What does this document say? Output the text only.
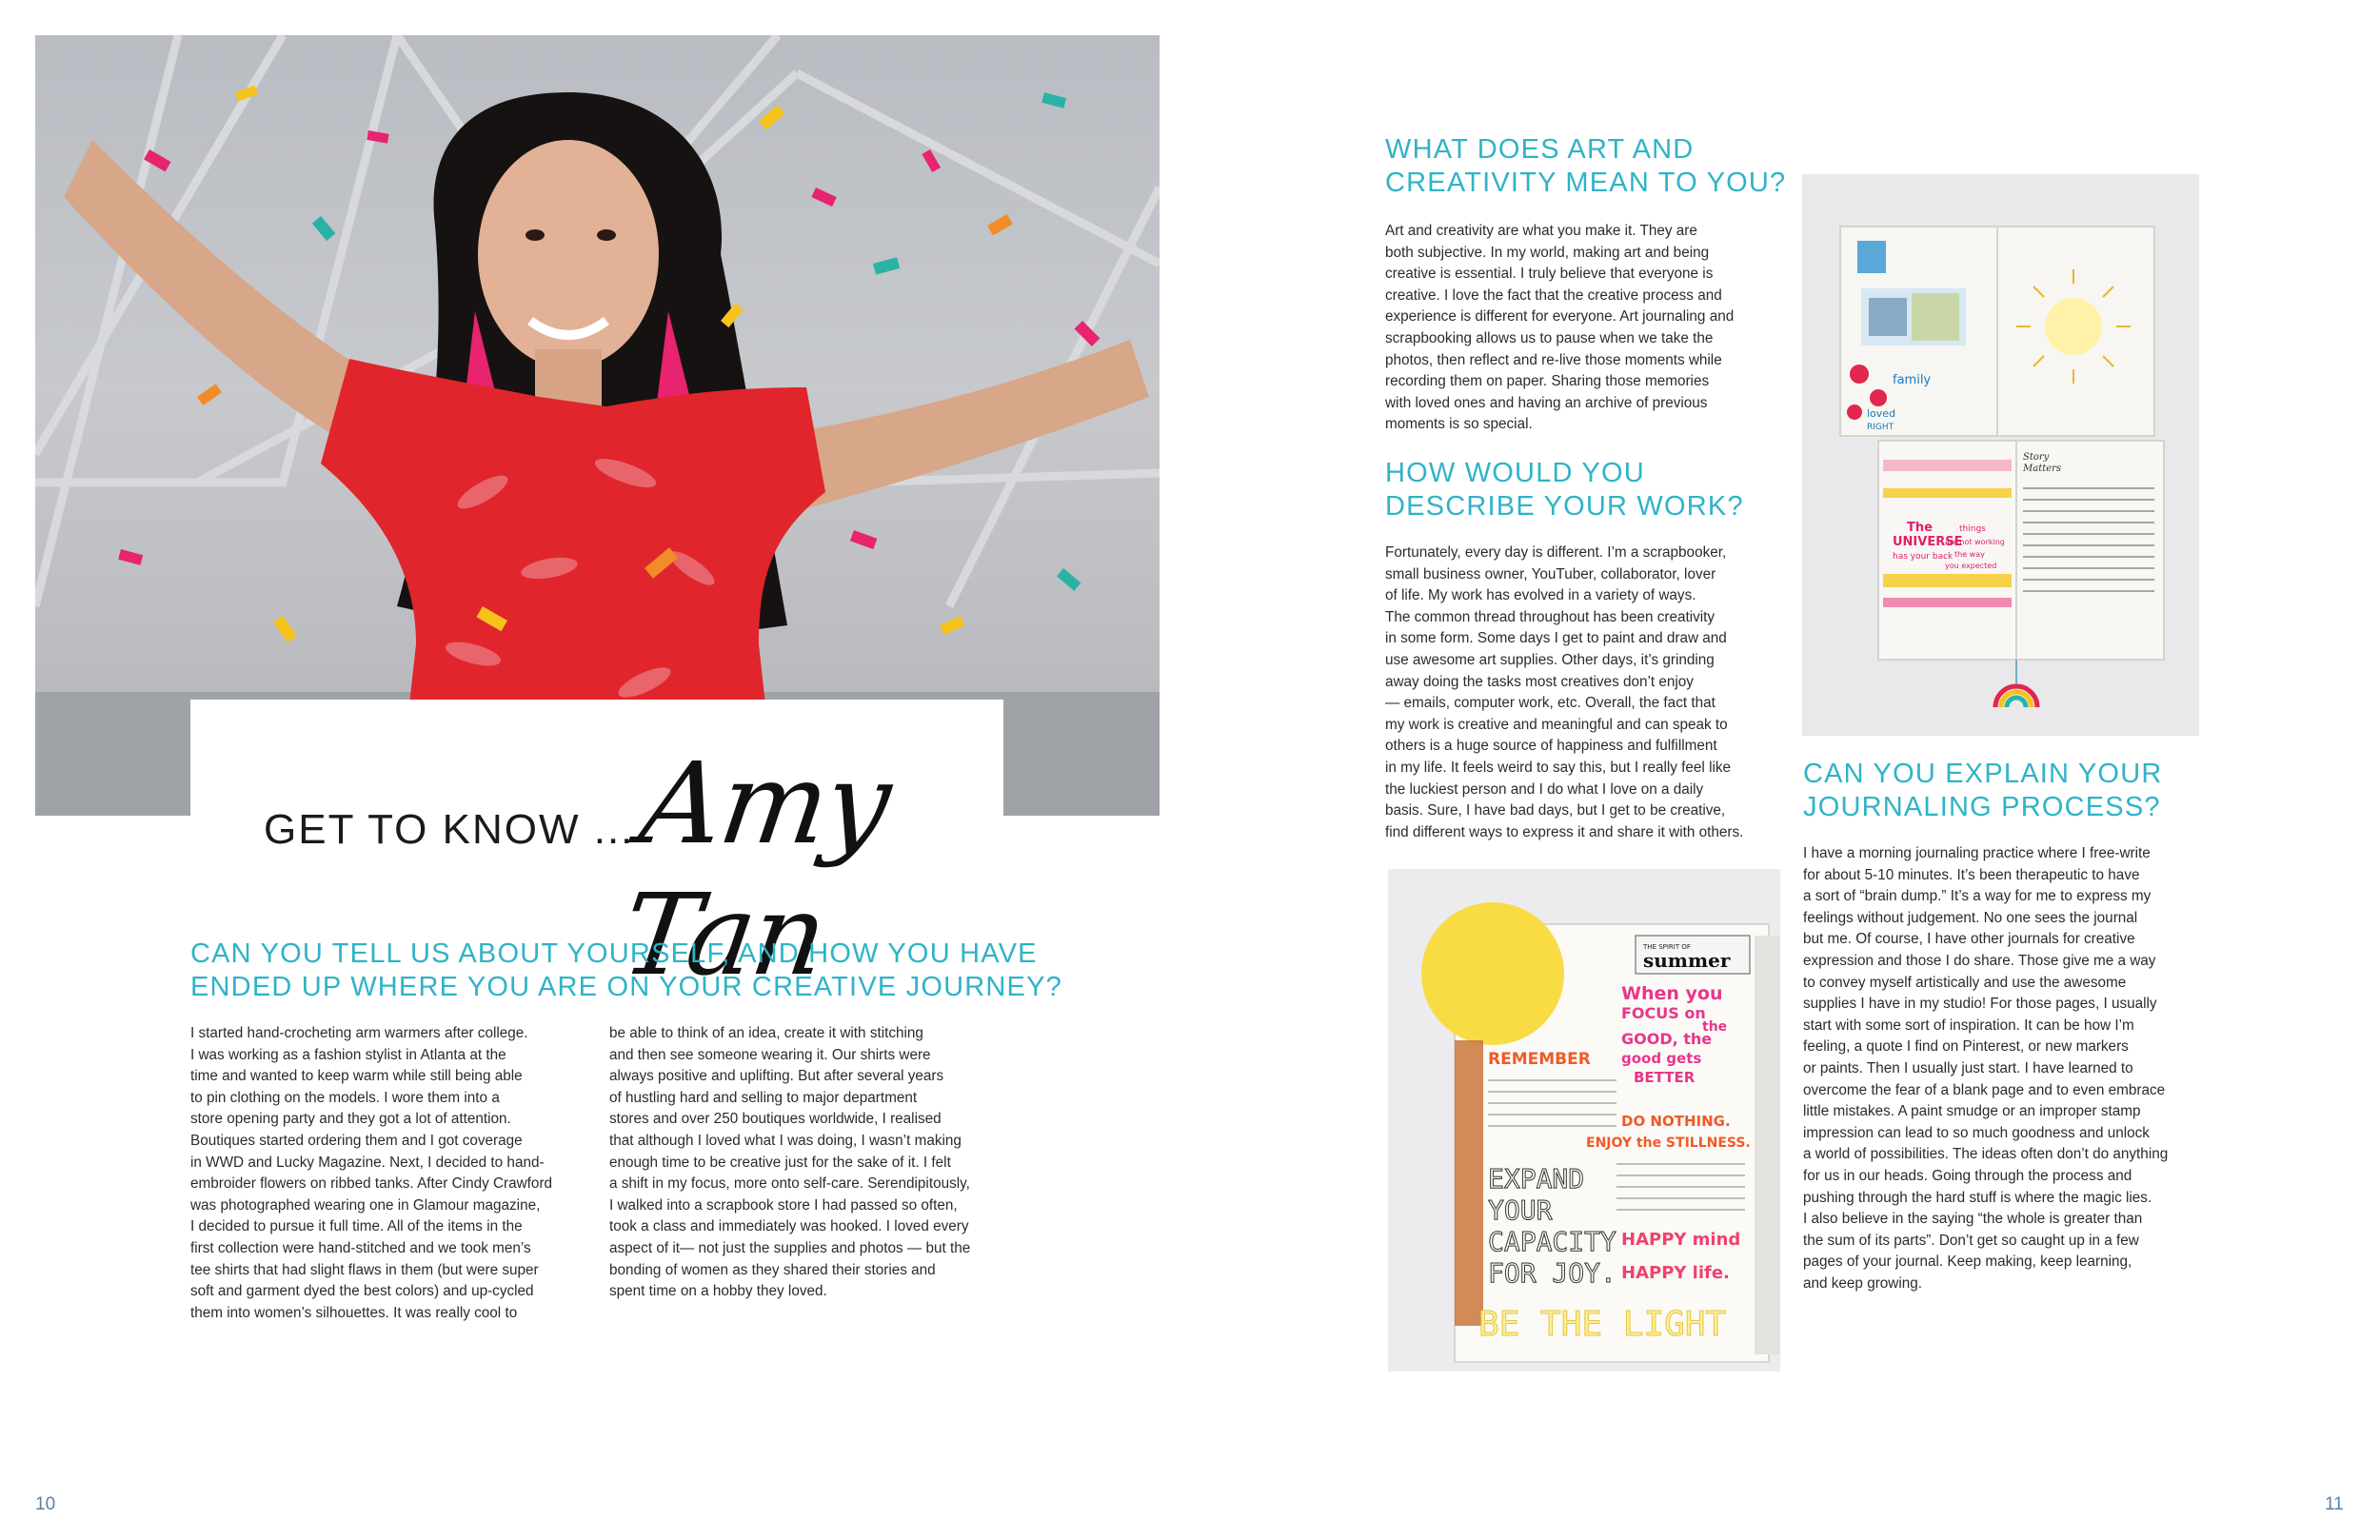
GET TO KNOW ...
Amy Tan
CAN YOU TELL US ABOUT YOURSELF, AND HOW YOU HAVE
ENDED UP WHERE YOU ARE ON YOUR CREATIVE JOURNEY?
I started hand-crocheting arm warmers after college.
I was working as a fashion stylist in Atlanta at the
time and wanted to keep warm while still being able
to pin clothing on the models. I wore them into a
store opening party and they got a lot of attention.
Boutiques started ordering them and I got coverage
in WWD and Lucky Magazine. Next, I decided to hand-
embroider flowers on ribbed tanks. After Cindy Crawford
was photographed wearing one in Glamour magazine,
I decided to pursue it full time. All of the items in the
first collection were hand-stitched and we took men’s
tee shirts that had slight flaws in them (but were super
soft and garment dyed the best colors) and up-cycled
them into women’s silhouettes. It was really cool to
be able to think of an idea, create it with stitching
and then see someone wearing it. Our shirts were
always positive and uplifting. But after several years
of hustling hard and selling to major department
stores and over 250 boutiques worldwide, I realised
that although I loved what I was doing, I wasn’t making
enough time to be creative just for the sake of it. I felt
a shift in my focus, more onto self-care. Serendipitously,
I walked into a scrapbook store I had passed so often,
took a class and immediately was hooked. I loved every
aspect of it— not just the supplies and photos — but the
bonding of women as they shared their stories and
spent time on a hobby they loved.
10
WHAT DOES ART AND
CREATIVITY MEAN TO YOU?
Art and creativity are what you make it. They are
both subjective. In my world, making art and being
creative is essential. I truly believe that everyone is
creative. I love the fact that the creative process and
experience is different for everyone. Art journaling and
scrapbooking allows us to pause when we take the
photos, then reflect and re-live those moments while
recording them on paper. Sharing those memories
with loved ones and having an archive of previous
moments is so special.
HOW WOULD YOU
DESCRIBE YOUR WORK?
Fortunately, every day is different. I’m a scrapbooker,
small business owner, YouTuber, collaborator, lover
of life. My work has evolved in a variety of ways.
The common thread throughout has been creativity
in some form. Some days I get to paint and draw and
use awesome art supplies. Other days, it’s grinding
away doing the tasks most creatives don’t enjoy
— emails, computer work, etc. Overall, the fact that
my work is creative and meaningful and can speak to
others is a huge source of happiness and fulfillment
in my life. It feels weird to say this, but I really feel like
the luckiest person and I do what I love on a daily
basis. Sure, I have bad days, but I get to be creative,
find different ways to express it and share it with others.
family
loved
RIGHT
The
UNIVERSE
has your back
things
are not working
the way
you expected
Story
Matters
THE SPIRIT OF
summer
When you
FOCUS on
the
GOOD, the
good gets
BETTER
REMEMBER
DO NOTHING.
ENJOY the STILLNESS.
EXPAND
YOUR
CAPACITY
FOR JOY.
HAPPY mind
HAPPY life.
BE THE LIGHT
CAN YOU EXPLAIN YOUR
JOURNALING PROCESS?
I have a morning journaling practice where I free-write
for about 5-10 minutes. It’s been therapeutic to have
a sort of “brain dump.” It’s a way for me to express my
feelings without judgement. No one sees the journal
but me. Of course, I have other journals for creative
expression and those I do share. Those give me a way
to convey myself artistically and use the awesome
supplies I have in my studio! For those pages, I usually
start with some sort of inspiration. It can be how I’m
feeling, a quote I find on Pinterest, or new markers
or paints. Then I usually just start. I have learned to
overcome the fear of a blank page and to even embrace
little mistakes. A paint smudge or an improper stamp
impression can lead to so much goodness and unlock
a world of possibilities. The ideas often don’t do anything
for us in our heads. Going through the process and
pushing through the hard stuff is where the magic lies.
I also believe in the saying “the whole is greater than
the sum of its parts”. Don’t get so caught up in a few
pages of your journal. Keep making, keep learning,
and keep growing.
11
